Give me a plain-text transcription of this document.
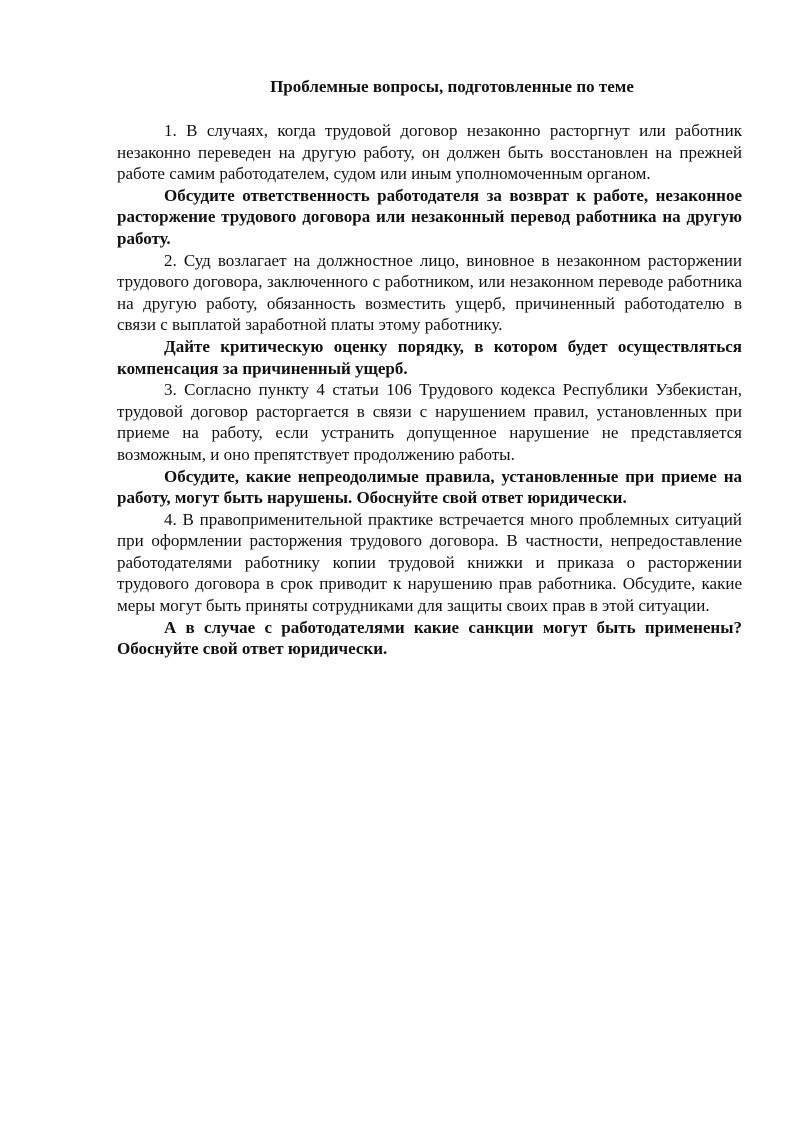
Проблемные вопросы, подготовленные по теме

1. В случаях, когда трудовой договор незаконно расторгнут или работник незаконно переведен на другую работу, он должен быть восстановлен на прежней работе самим работодателем, судом или иным уполномоченным органом.

Обсудите ответственность работодателя за возврат к работе, незаконное расторжение трудового договора или незаконный перевод работника на другую работу.

2. Суд возлагает на должностное лицо, виновное в незаконном расторжении трудового договора, заключенного с работником, или незаконном переводе работника на другую работу, обязанность возместить ущерб, причиненный работодателю в связи с выплатой заработной платы этому работнику.

Дайте критическую оценку порядку, в котором будет осуществляться компенсация за причиненный ущерб.

3. Согласно пункту 4 статьи 106 Трудового кодекса Республики Узбекистан, трудовой договор расторгается в связи с нарушением правил, установленных при приеме на работу, если устранить допущенное нарушение не представляется возможным, и оно препятствует продолжению работы.

Обсудите, какие непреодолимые правила, установленные при приеме на работу, могут быть нарушены. Обоснуйте свой ответ юридически.

4. В правоприменительной практике встречается много проблемных ситуаций при оформлении расторжения трудового договора. В частности, непредоставление работодателями работнику копии трудовой книжки и приказа о расторжении трудового договора в срок приводит к нарушению прав работника. Обсудите, какие меры могут быть приняты сотрудниками для защиты своих прав в этой ситуации.

А в случае с работодателями какие санкции могут быть применены? Обоснуйте свой ответ юридически.
